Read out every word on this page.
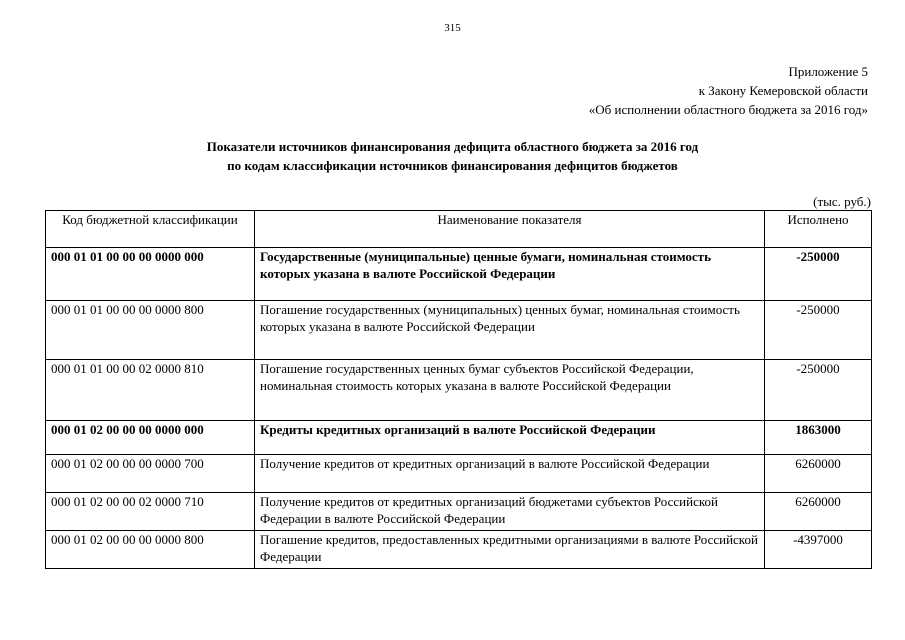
315
Приложение 5
к Закону Кемеровской области
«Об исполнении областного бюджета за 2016 год»
Показатели источников финансирования дефицита областного бюджета за 2016 год
по кодам классификации источников финансирования дефицитов бюджетов
(тыс. руб.)
Код бюджетной классификации	Наименование показателя	Исполнено
000 01 01 00 00 00 0000 000	Государственные (муниципальные) ценные бумаги, номинальная стоимость которых указана в валюте Российской Федерации	-250000
000 01 01 00 00 00 0000 800	Погашение государственных (муниципальных) ценных бумаг, номинальная стоимость которых указана в валюте Российской Федерации	-250000
000 01 01 00 00 02 0000 810	Погашение государственных ценных бумаг субъектов Российской Федерации, номинальная стоимость которых указана в валюте Российской Федерации	-250000
000 01 02 00 00 00 0000 000	Кредиты кредитных организаций в валюте Российской Федерации	1863000
000 01 02 00 00 00 0000 700	Получение кредитов от кредитных организаций в валюте Российской Федерации	6260000
000 01 02 00 00 02 0000 710	Получение кредитов от кредитных организаций бюджетами субъектов Российской Федерации в валюте Российской Федерации	6260000
000 01 02 00 00 00 0000 800	Погашение кредитов, предоставленных кредитными организациями в валюте Российской Федерации	-4397000
